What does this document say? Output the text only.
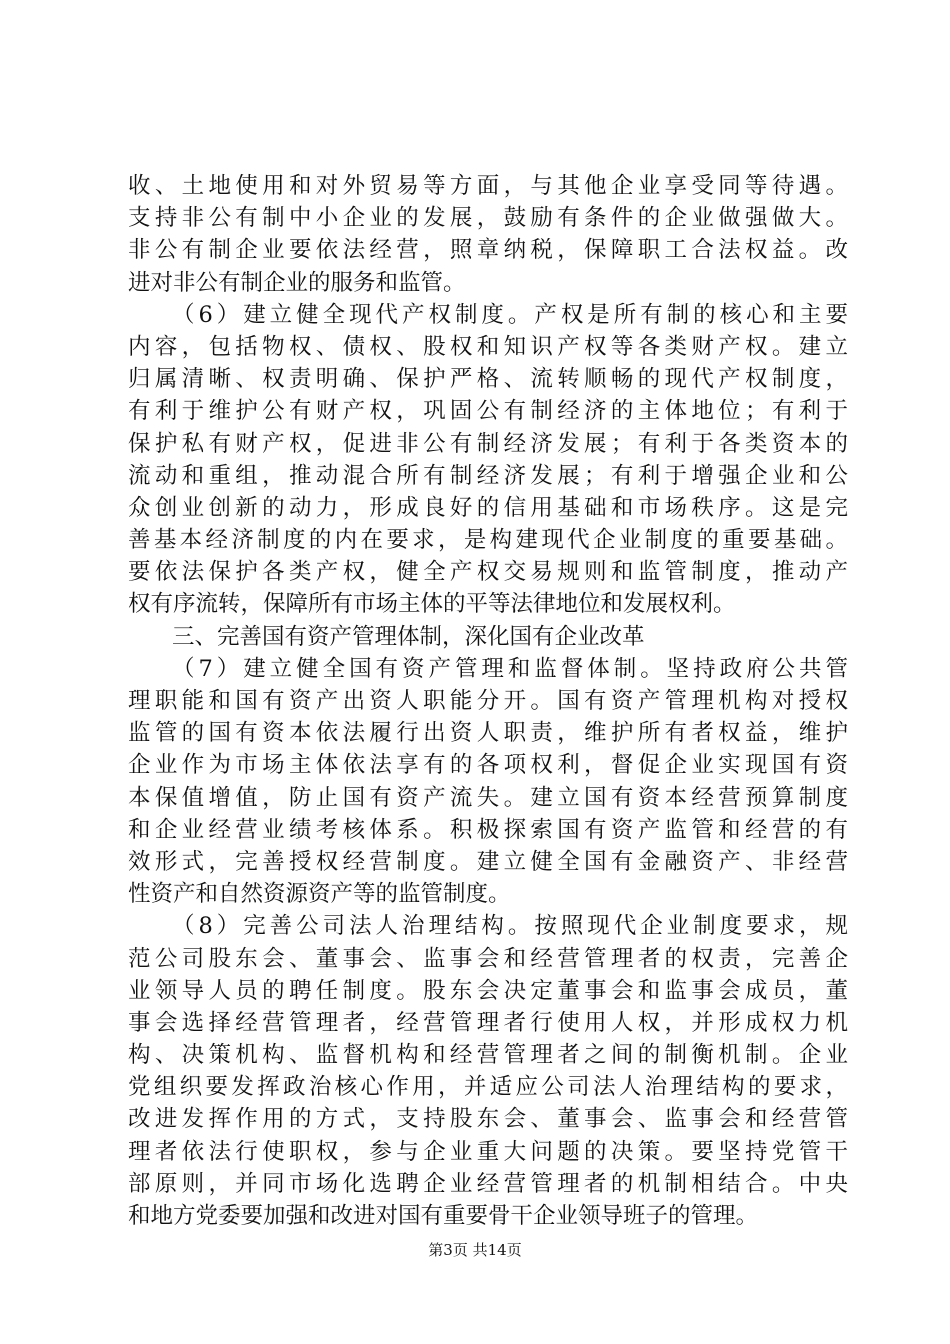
收、土地使用和对外贸易等方面，与其他企业享受同等待遇。
支持非公有制中小企业的发展，鼓励有条件的企业做强做大。
非公有制企业要依法经营，照章纳税，保障职工合法权益。改
进对非公有制企业的服务和监管。
（6）建立健全现代产权制度。产权是所有制的核心和主要
内容，包括物权、债权、股权和知识产权等各类财产权。建立
归属清晰、权责明确、保护严格、流转顺畅的现代产权制度，
有利于维护公有财产权，巩固公有制经济的主体地位；有利于
保护私有财产权，促进非公有制经济发展；有利于各类资本的
流动和重组，推动混合所有制经济发展；有利于增强企业和公
众创业创新的动力，形成良好的信用基础和市场秩序。这是完
善基本经济制度的内在要求，是构建现代企业制度的重要基础。
要依法保护各类产权，健全产权交易规则和监管制度，推动产
权有序流转，保障所有市场主体的平等法律地位和发展权利。
三、完善国有资产管理体制，深化国有企业改革
（7）建立健全国有资产管理和监督体制。坚持政府公共管
理职能和国有资产出资人职能分开。国有资产管理机构对授权
监管的国有资本依法履行出资人职责，维护所有者权益，维护
企业作为市场主体依法享有的各项权利，督促企业实现国有资
本保值增值，防止国有资产流失。建立国有资本经营预算制度
和企业经营业绩考核体系。积极探索国有资产监管和经营的有
效形式，完善授权经营制度。建立健全国有金融资产、非经营
性资产和自然资源资产等的监管制度。
（8）完善公司法人治理结构。按照现代企业制度要求，规
范公司股东会、董事会、监事会和经营管理者的权责，完善企
业领导人员的聘任制度。股东会决定董事会和监事会成员，董
事会选择经营管理者，经营管理者行使用人权，并形成权力机
构、决策机构、监督机构和经营管理者之间的制衡机制。企业
党组织要发挥政治核心作用，并适应公司法人治理结构的要求，
改进发挥作用的方式，支持股东会、董事会、监事会和经营管
理者依法行使职权，参与企业重大问题的决策。要坚持党管干
部原则，并同市场化选聘企业经营管理者的机制相结合。中央
和地方党委要加强和改进对国有重要骨干企业领导班子的管理。
第3页 共14页
